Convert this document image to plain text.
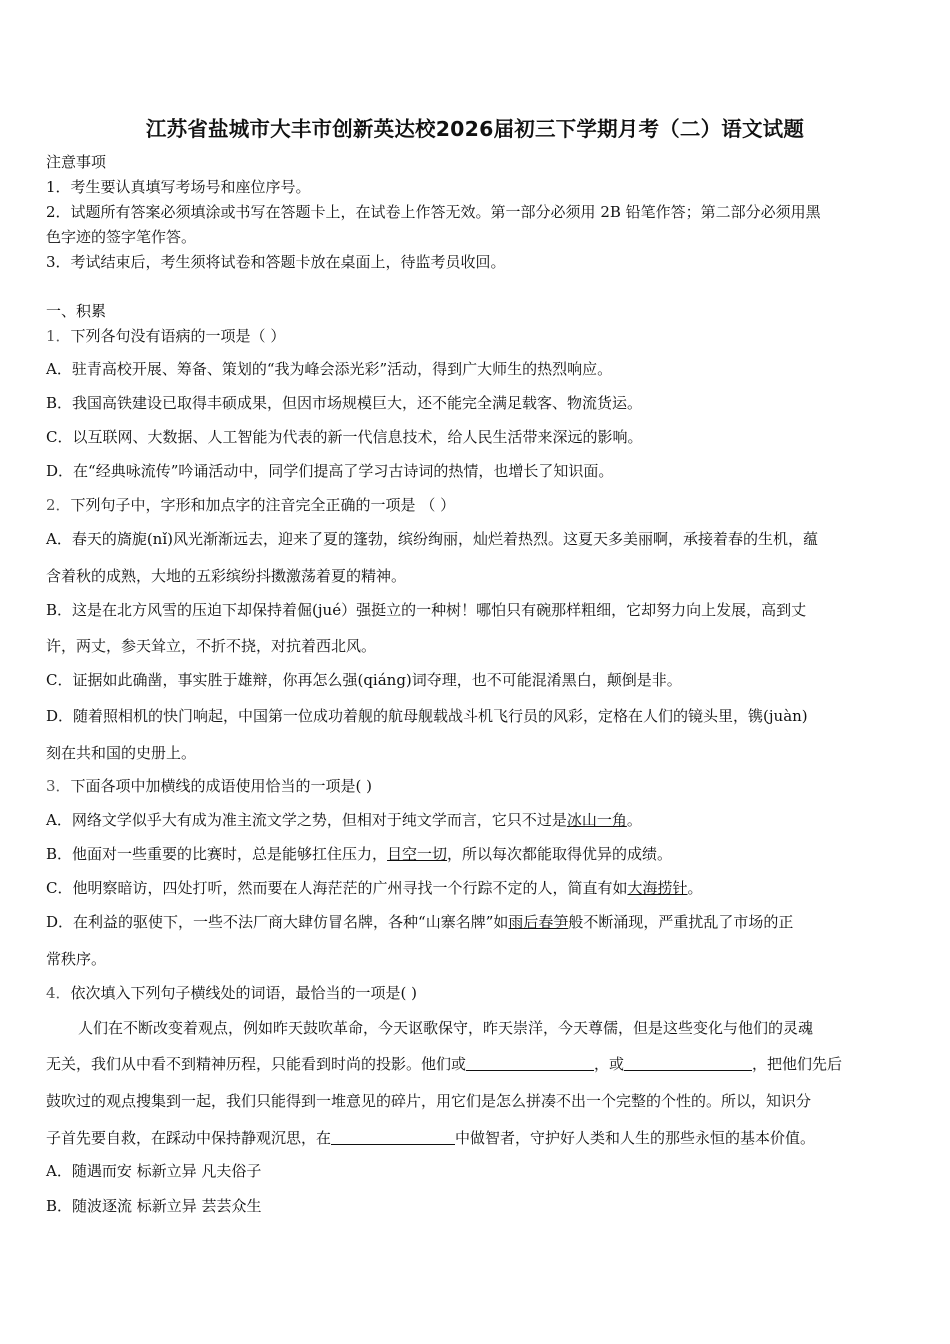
江苏省盐城市大丰市创新英达校2026届初三下学期月考（二）语文试题
注意事项
1．考生要认真填写考场号和座位序号。
2．试题所有答案必须填涂或书写在答题卡上，在试卷上作答无效。第一部分必须用 2B 铅笔作答；第二部分必须用黑
色字迹的签字笔作答。
3．考试结束后，考生须将试卷和答题卡放在桌面上，待监考员收回。
一、积累
1．下列各句没有语病的一项是（ ）
A．驻青高校开展、筹备、策划的“我为峰会添光彩”活动，得到广大师生的热烈响应。
B．我国高铁建设已取得丰硕成果，但因市场规模巨大，还不能完全满足载客、物流货运。
C．以互联网、大数据、人工智能为代表的新一代信息技术，给人民生活带来深远的影响。
D．在“经典咏流传”吟诵活动中，同学们提高了学习古诗词的热情，也增长了知识面。
2．下列句子中，字形和加点字的注音完全正确的一项是 （ ）
A．春天的旖旎(nǐ)风光渐渐远去，迎来了夏的篷勃，缤纷绚丽，灿烂着热烈。这夏天多美丽啊，承接着春的生机，蕴
含着秋的成熟，大地的五彩缤纷抖擞激荡着夏的精神。
B．这是在北方风雪的压迫下却保持着倔(jué）强挺立的一种树！哪怕只有碗那样粗细，它却努力向上发展，高到丈
许，两丈，参天耸立，不折不挠，对抗着西北风。
C．证据如此确凿，事实胜于雄辩，你再怎么强(qiáng)词夺理，也不可能混淆黑白，颠倒是非。
D．随着照相机的快门响起，中国第一位成功着舰的航母舰载战斗机飞行员的风彩，定格在人们的镜头里，镌(juàn)
刻在共和国的史册上。
3．下面各项中加横线的成语使用恰当的一项是( )
A．网络文学似乎大有成为准主流文学之势，但相对于纯文学而言，它只不过是冰山一角。
B．他面对一些重要的比赛时，总是能够扛住压力，目空一切，所以每次都能取得优异的成绩。
C．他明察暗访，四处打听，然而要在人海茫茫的广州寻找一个行踪不定的人，简直有如大海捞针。
D．在利益的驱使下，一些不法厂商大肆仿冒名牌，各种“山寨名牌”如雨后春笋般不断涌现，严重扰乱了市场的正
常秩序。
4．依次填入下列句子横线处的词语，最恰当的一项是( )
人们在不断改变着观点，例如昨天鼓吹革命，今天讴歌保守，昨天崇洋，今天尊儒，但是这些变化与他们的灵魂
无关，我们从中看不到精神历程，只能看到时尚的投影。他们或	，或	，把他们先后
鼓吹过的观点搜集到一起，我们只能得到一堆意见的碎片，用它们是怎么拼凑不出一个完整的个性的。所以，知识分
子首先要自救，在踩动中保持静观沉思，在	中做智者，守护好人类和人生的那些永恒的基本价值。
A．随遇而安 标新立异 凡夫俗子
B．随波逐流 标新立异 芸芸众生
